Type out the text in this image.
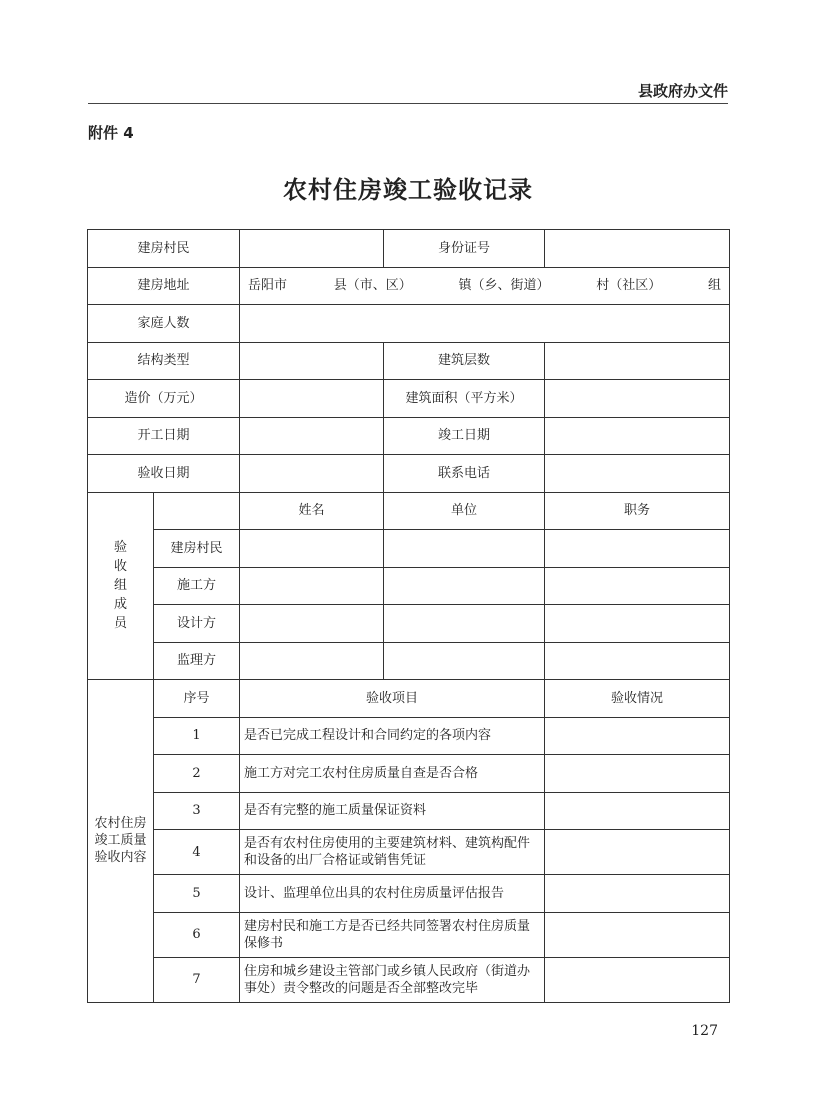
县政府办文件
附件 4
农村住房竣工验收记录
建房村民			身份证号	
建房地址		岳阳市 县（市、区） 镇（乡、街道） 村（社区） 组		

家庭人数				
结构类型			建筑层数	
造价（万元）			建筑面积（平方米）	
开工日期			竣工日期	
验收日期			联系电话	
验收组成员		姓名	单位	职务
	建房村民			
	施工方			
	设计方			
	监理方			
农村住房竣工质量验收内容	序号	验收项目		验收情况
	1	是否已完成工程设计和合同约定的各项内容		
	2	施工方对完工农村住房质量自查是否合格		
	3	是否有完整的施工质量保证资料		
	4	是否有农村住房使用的主要建筑材料、建筑构配件和设备的出厂合格证或销售凭证		
	5	设计、监理单位出具的农村住房质量评估报告		
	6	建房村民和施工方是否已经共同签署农村住房质量保修书		
	7	住房和城乡建设主管部门或乡镇人民政府（街道办事处）责令整改的问题是否全部整改完毕		
127
